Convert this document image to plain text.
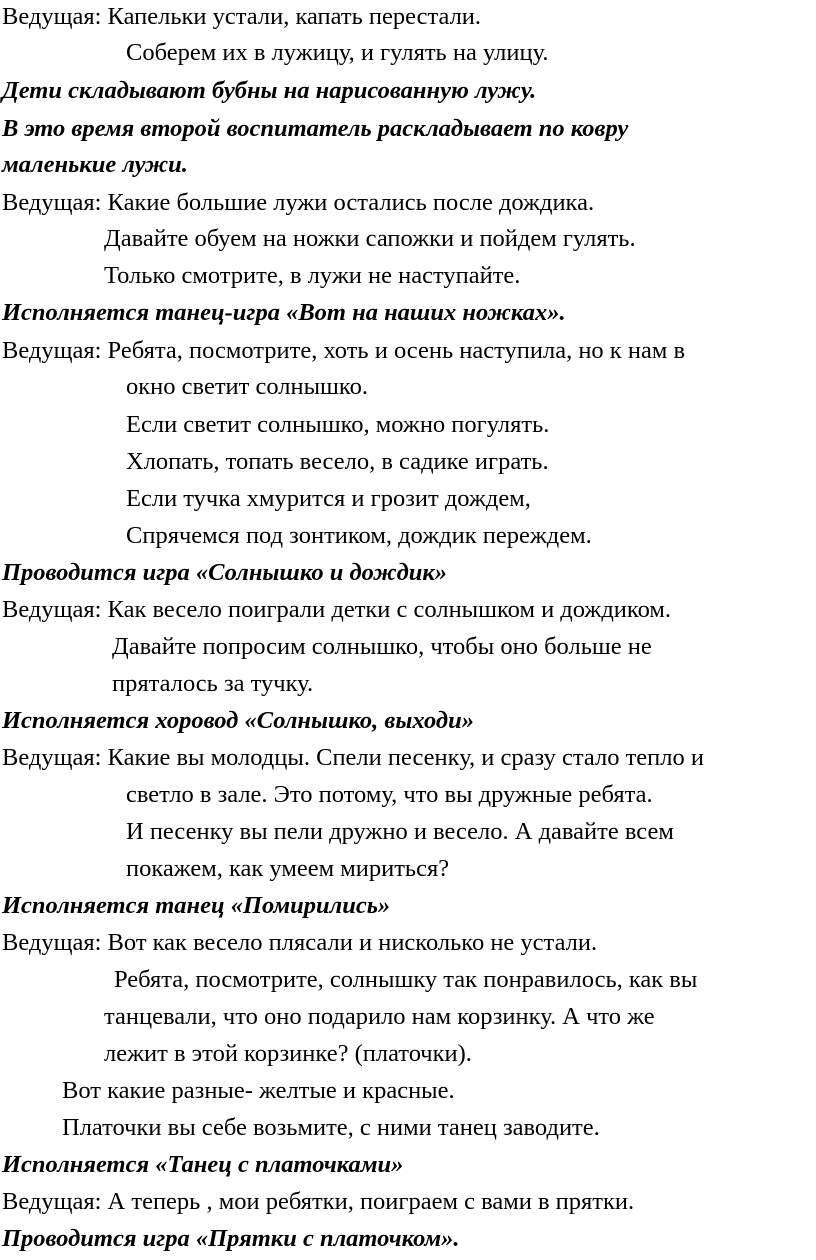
Ведущая: Капельки устали, капать перестали.
Соберем их в лужицу, и гулять на улицу.
Дети складывают бубны на нарисованную лужу.
В это время второй воспитатель раскладывает по ковру
маленькие лужи.
Ведущая: Какие большие лужи остались после дождика.
Давайте обуем на ножки сапожки и пойдем гулять.
Только смотрите, в лужи не наступайте.
Исполняется танец-игра «Вот на наших ножках».
Ведущая: Ребята, посмотрите, хоть и осень наступила, но к нам в
окно светит солнышко.
Если светит солнышко, можно погулять.
Хлопать, топать весело, в садике играть.
Если тучка хмурится и грозит дождем,
Спрячемся под зонтиком, дождик переждем.
Проводится игра «Солнышко и дождик»
Ведущая: Как весело поиграли детки с солнышком и дождиком.
Давайте попросим солнышко, чтобы оно больше не
пряталось за тучку.
Исполняется хоровод «Солнышко, выходи»
Ведущая: Какие вы молодцы. Спели песенку, и сразу стало тепло и
светло в зале. Это потому, что вы дружные ребята.
И песенку вы пели дружно и весело. А давайте всем
покажем, как умеем мириться?
Исполняется танец «Помирились»
Ведущая: Вот как весело плясали и нисколько не устали.
Ребята, посмотрите, солнышку так понравилось, как вы
танцевали, что оно подарило нам корзинку. А что же
лежит в этой корзинке? (платочки).
Вот какие разные- желтые и красные.
Платочки вы себе возьмите, с ними танец заводите.
Исполняется «Танец с платочками»
Ведущая: А теперь , мои ребятки, поиграем с вами в прятки.
Проводится игра «Прятки с платочком».
